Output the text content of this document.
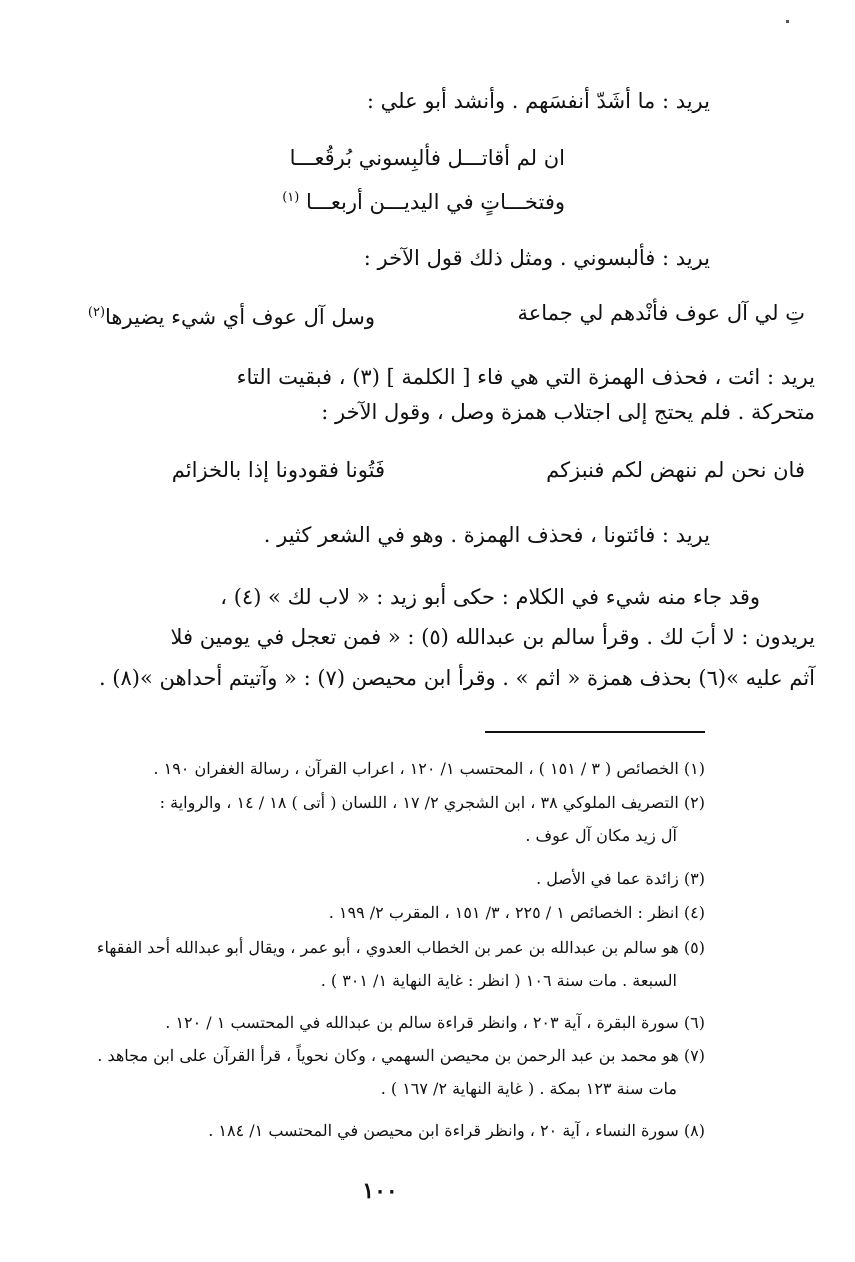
يريد : ما أشَدّ أنفسَهم . وأنشد أبو علي :
ان لم أقاتـــل فألبِسوني بُرقُعـــا
وفتخـــاتٍ في اليديـــن أربعـــا $^{(١)}$
يريد : فألبسوني . ومثل ذلك قول الآخر :
تِ لي آل عوف فأنْدهم لي جماعة
وسل آل عوف أي شيء يضيرها$^{(٢)}$
يريد : ائت ، فحذف الهمزة التي هي فاء [ الكلمة ] (٣) ، فبقيت التاء
متحركة . فلم يحتج إلى اجتلاب همزة وصل ، وقول الآخر :
فان نحن لم ننهض لكم فنبزكم
فَتُونا فقودونا إذا بالخزائم
يريد : فائتونا ، فحذف الهمزة . وهو في الشعر كثير .
وقد جاء منه شيء في الكلام : حكى أبو زيد : « لاب لك » (٤) ،
يريدون : لا أبَ لك . وقرأ سالم بن عبدالله (٥) : « فمن تعجل في يومين فلا
آثم عليه »(٦) بحذف همزة « اثم » . وقرأ ابن محيصن (٧) : « وآتيتم أحداهن »(٨) .
(١) الخصائص ( ٣ / ١٥١ ) ، المحتسب ١/ ١٢٠ ، اعراب القرآن ، رسالة الغفران ١٩٠ .
(٢) التصريف الملوكي ٣٨ ، ابن الشجري ٢/ ١٧ ، اللسان ( أتى ) ١٨ / ١٤ ، والرواية :
آل زيد مكان آل عوف .
(٣) زائدة عما في الأصل .
(٤) انظر : الخصائص ١ / ٢٢٥ ، ٣/ ١٥١ ، المقرب ٢/ ١٩٩ .
(٥) هو سالم بن عبدالله بن عمر بن الخطاب العدوي ، أبو عمر ، ويقال أبو عبدالله أحد الفقهاء
السبعة . مات سنة ١٠٦ ( انظر : غاية النهاية ١/ ٣٠١ ) .
(٦) سورة البقرة ، آية ٢٠٣ ، وانظر قراءة سالم بن عبدالله في المحتسب ١ / ١٢٠ .
(٧) هو محمد بن عبد الرحمن بن محيصن السهمي ، وكان نحوياً ، قرأ القرآن على ابن مجاهد .
مات سنة ١٢٣ بمكة . ( غاية النهاية ٢/ ١٦٧ ) .
(٨) سورة النساء ، آية ٢٠ ، وانظر قراءة ابن محيصن في المحتسب ١/ ١٨٤ .
١٠٠
